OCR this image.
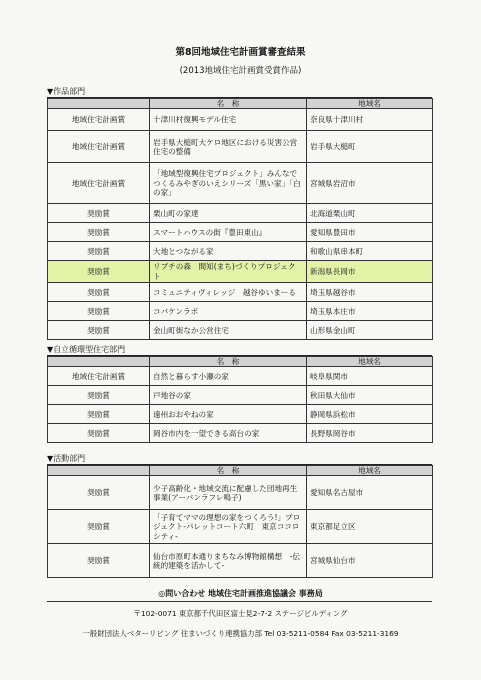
第8回地域住宅計画賞審査結果
(2013地域住宅計画賞受賞作品)
▼作品部門
	名　称	地域名
地域住宅計画賞	十津川村復興モデル住宅	奈良県十津川村
地域住宅計画賞	岩手県大槌町大ケロ地区における災害公営住宅の整備	岩手県大槌町
地域住宅計画賞	「地域型復興住宅プロジェクト」みんなでつくるみやぎのいえシリーズ「黒い家」「白の家」	宮城県岩沼市
奨励賞	栗山町の家達	北海道栗山町
奨励賞	スマートハウスの街『豊田東山』	愛知県豊田市
奨励賞	大地とつながる家	和歌山県串本町
奨励賞	リブチの森　間知(まち)づくりプロジェクト	新潟県長岡市
奨励賞	コミュニティヴィレッジ　越谷ゆいまーる	埼玉県越谷市
奨励賞	コバケンラボ	埼玉県本庄市
奨励賞	金山町街なか公営住宅	山形県金山町
▼自立循環型住宅部門
	名　称	地域名
地域住宅計画賞	自然と暮らす小瀬の家	岐阜県関市
奨励賞	戸地谷の家	秋田県大仙市
奨励賞	遠州おおやねの家	静岡県浜松市
奨励賞	岡谷市内を一望できる高台の家	長野県岡谷市
▼活動部門
	名　称	地域名
奨励賞	少子高齢化・地域交流に配慮した団地再生事業(アーバンラフレ鳴子)	愛知県名古屋市
奨励賞	「子育てママの理想の家をつくろう!」プロジェクト-パレットコート六町　東京ココロシティ-	東京都足立区
奨励賞	仙台市原町本通りまちなみ博物館構想　-伝統的建築を活かして-	宮城県仙台市
◎問い合わせ 地域住宅計画推進協議会 事務局
〒102-0071 東京都千代田区富士見2-7-2 ステージビルディング
一般財団法人ベターリビング 住まいづくり連携協力部 Tel 03-5211-0584 Fax 03-5211-3169
